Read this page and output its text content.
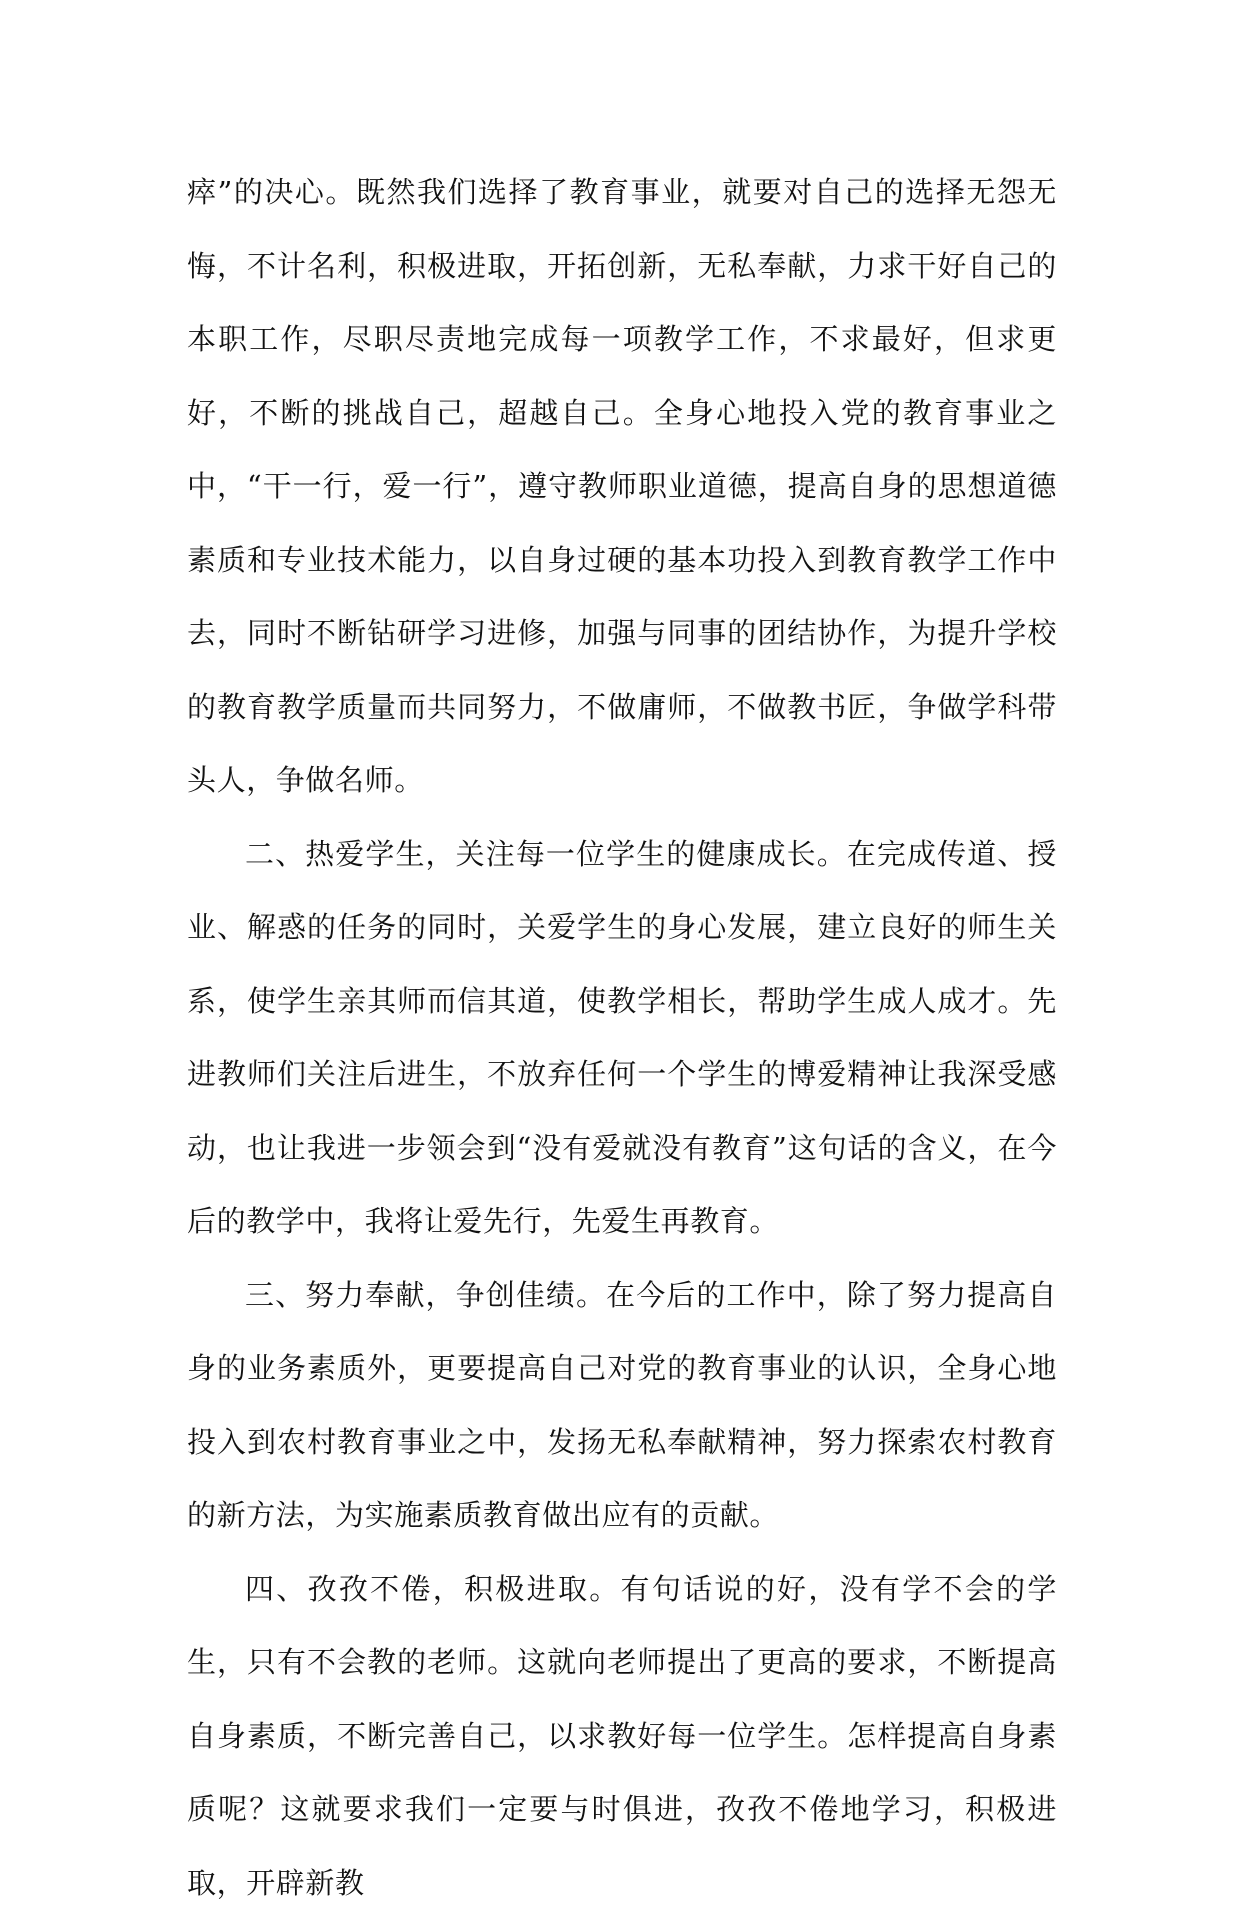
瘁”的决心。既然我们选择了教育事业，就要对自己的选择无怨无悔，不计名利，积极进取，开拓创新，无私奉献，力求干好自己的本职工作，尽职尽责地完成每一项教学工作，不求最好，但求更好，不断的挑战自己，超越自己。全身心地投入党的教育事业之中，“干一行，爱一行”，遵守教师职业道德，提高自身的思想道德素质和专业技术能力，以自身过硬的基本功投入到教育教学工作中去，同时不断钻研学习进修，加强与同事的团结协作，为提升学校的教育教学质量而共同努力，不做庸师，不做教书匠，争做学科带头人，争做名师。

二、热爱学生，关注每一位学生的健康成长。在完成传道、授业、解惑的任务的同时，关爱学生的身心发展，建立良好的师生关系，使学生亲其师而信其道，使教学相长，帮助学生成人成才。先进教师们关注后进生，不放弃任何一个学生的博爱精神让我深受感动，也让我进一步领会到“没有爱就没有教育”这句话的含义，在今后的教学中，我将让爱先行，先爱生再教育。

三、努力奉献，争创佳绩。在今后的工作中，除了努力提高自身的业务素质外，更要提高自己对党的教育事业的认识，全身心地投入到农村教育事业之中，发扬无私奉献精神，努力探索农村教育的新方法，为实施素质教育做出应有的贡献。

四、孜孜不倦，积极进取。有句话说的好，没有学不会的学生，只有不会教的老师。这就向老师提出了更高的要求，不断提高自身素质，不断完善自己，以求教好每一位学生。怎样提高自身素质呢？这就要求我们一定要与时俱进，孜孜不倦地学习，积极进取，开辟新教
